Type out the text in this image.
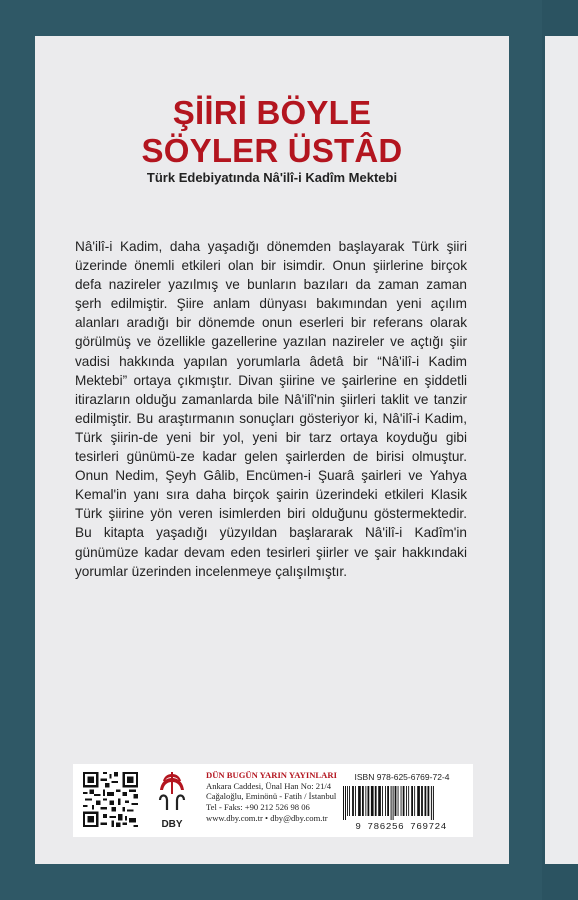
ŞİİRİ BÖYLE
SÖYLER ÜSTÂD
Türk Edebiyatında Nâ'ilî-i Kadîm Mektebi
Nâ'ilî-i Kadim, daha yaşadığı dönemden başlayarak Türk şiiri üzerinde önemli etkileri olan bir isimdir. Onun şiirlerine birçok defa nazireler yazılmış ve bunların bazıları da zaman zaman şerh edilmiştir. Şiire anlam dünyası bakımından yeni açılım alanları aradığı bir dönemde onun eserleri bir referans olarak görülmüş ve özellikle gazellerine yazılan nazireler ve açtığı şiir vadisi hakkında yapılan yorumlarla âdetâ bir “Nâ'ilî-i Kadim Mektebi” ortaya çıkmıştır. Divan şiirine ve şairlerine en şiddetli itirazların olduğu zamanlarda bile Nâ'ilî'nin şiirleri taklit ve tanzir edilmiştir. Bu araştırmanın sonuçları gösteriyor ki, Nâ'ilî-i Kadim, Türk şiirin-de yeni bir yol, yeni bir tarz ortaya koyduğu gibi tesirleri günümü-ze kadar gelen şairlerden de birisi olmuştur. Onun Nedim, Şeyh Gâlib, Encümen-i Şuarâ şairleri ve Yahya Kemal'in yanı sıra daha birçok şairin üzerindeki etkileri Klasik Türk şiirine yön veren isimlerden biri olduğunu göstermektedir. Bu kitapta yaşadığı yüzyıldan başlararak Nâ'ilî-i Kadîm'in günümüze kadar devam eden tesirleri şiirler ve şair hakkındaki yorumlar üzerinden incelenmeye çalışılmıştır.
DBY
DÜN BUGÜN YARIN YAYINLARI
Ankara Caddesi, Ünal Han No: 21/4
Cağaloğlu, Eminönü - Fatih / İstanbul
Tel - Faks: +90 212 526 98 06
www.dby.com.tr • dby@dby.com.tr
ISBN 978-625-6769-72-4
9 786256 769724
